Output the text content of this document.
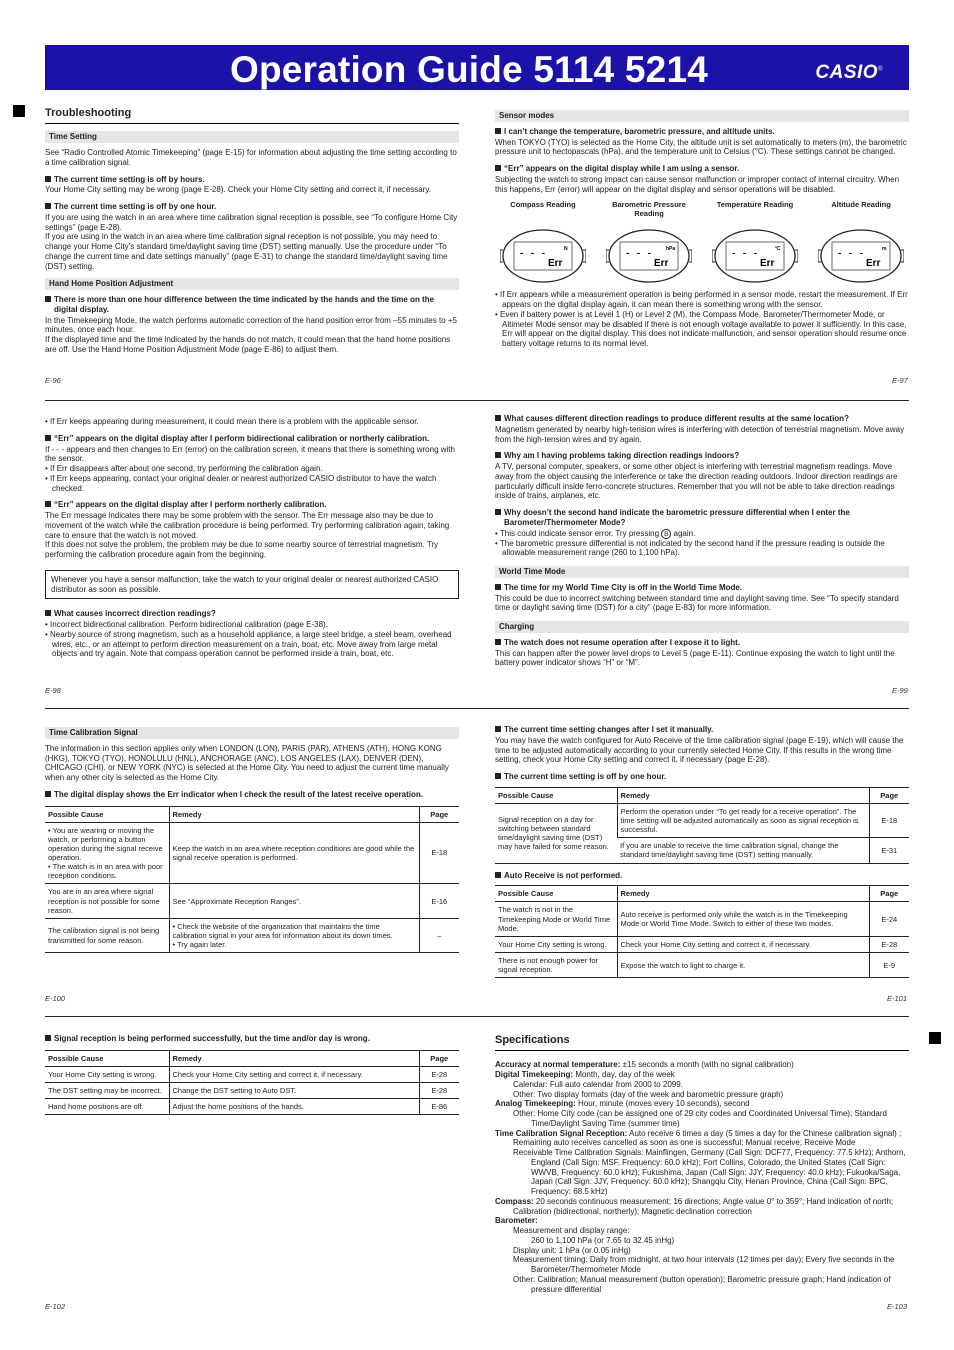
Operation Guide 5114 5214	CASIO®
Troubleshooting
Time Setting
See “Radio Controlled Atomic Timekeeping” (page E-15) for information about adjusting the time setting according to a time calibration signal.
The current time setting is off by hours.
Your Home City setting may be wrong (page E-28). Check your Home City setting and correct it, if necessary.
The current time setting is off by one hour.
If you are using the watch in an area where time calibration signal reception is possible, see “To configure Home City settings” (page E-28).
If you are using in the watch in an area where time calibration signal reception is not possible, you may need to change your Home City’s standard time/daylight saving time (DST) setting manually. Use the procedure under “To change the current time and date settings manually” (page E-31) to change the standard time/daylight saving time (DST) setting.
Hand Home Position Adjustment
There is more than one hour difference between the time indicated by the hands and the time on the digital display.
In the Timekeeping Mode, the watch performs automatic correction of the hand position error from –55 minutes to +5 minutes, once each hour.
If the displayed time and the time indicated by the hands do not match, it could mean that the hand home positions are off. Use the Hand Home Position Adjustment Mode (page E-86) to adjust them.
E-96
Sensor modes
I can’t change the temperature, barometric pressure, and altitude units.
When TOKYO (TYO) is selected as the Home City, the altitude unit is set automatically to meters (m), the barometric pressure unit to hectopascals (hPa), and the temperature unit to Celsius (°C). These settings cannot be changed.
“Err” appears on the digital display while I am using a sensor.
Subjecting the watch to strong impact can cause sensor malfunction or improper contact of internal circuitry. When this happens, Err (error) will appear on the digital display and sensor operations will be disabled.
Compass Reading
- - -
Err
N
Barometric Pressure Reading
- - -
Err
hPa
Temperature Reading
- - -
Err
°C
Altitude Reading
- - -
Err
m
• If Err appears while a measurement operation is being performed in a sensor mode, restart the measurement. If Err appears on the digital display again, it can mean there is something wrong with the sensor.
• Even if battery power is at Level 1 (H) or Level 2 (M), the Compass Mode, Barometer/Thermometer Mode, or Altimeter Mode sensor may be disabled if there is not enough voltage available to power it sufficiently. In this case, Err will appear on the digital display. This does not indicate malfunction, and sensor operation should resume once battery voltage returns to its normal level.
E-97
• If Err keeps appearing during measurement, it could mean there is a problem with the applicable sensor.
“Err” appears on the digital display after I perform bidirectional calibration or northerly calibration.
If - - - appears and then changes to Err (error) on the calibration screen, it means that there is something wrong with the sensor.
• If Err disappears after about one second, try performing the calibration again.
• If Err keeps appearing, contact your original dealer or nearest authorized CASIO distributor to have the watch checked.
“Err” appears on the digital display after I perform northerly calibration.
The Err message indicates there may be some problem with the sensor. The Err message also may be due to movement of the watch while the calibration procedure is being performed. Try performing calibration again, taking care to ensure that the watch is not moved.
If this does not solve the problem, the problem may be due to some nearby source of terrestrial magnetism. Try performing the calibration procedure again from the beginning.
Whenever you have a sensor malfunction, take the watch to your original dealer or nearest authorized CASIO distributor as soon as possible.
What causes incorrect direction readings?
• Incorrect bidirectional calibration. Perform bidirectional calibration (page E-38).
• Nearby source of strong magnetism, such as a household appliance, a large steel bridge, a steel beam, overhead wires, etc., or an attempt to perform direction measurement on a train, boat, etc. Move away from large metal objects and try again. Note that compass operation cannot be performed inside a train, boat, etc.
E-98
What causes different direction readings to produce different results at the same location?
Magnetism generated by nearby high-tension wires is interfering with detection of terrestrial magnetism. Move away from the high-tension wires and try again.
Why am I having problems taking direction readings indoors?
A TV, personal computer, speakers, or some other object is interfering with terrestrial magnetism readings. Move away from the object causing the interference or take the direction reading outdoors. Indoor direction readings are particularly difficult inside ferro-concrete structures. Remember that you will not be able to take direction readings inside of trains, airplanes, etc.
Why doesn’t the second hand indicate the barometric pressure differential when I enter the Barometer/Thermometer Mode?
• This could indicate sensor error. Try pressing B again.
• The barometric pressure differential is not indicated by the second hand if the pressure reading is outside the allowable measurement range (260 to 1,100 hPa).
World Time Mode
The time for my World Time City is off in the World Time Mode.
This could be due to incorrect switching between standard time and daylight saving time. See “To specify standard time or daylight saving time (DST) for a city” (page E-83) for more information.
Charging
The watch does not resume operation after I expose it to light.
This can happen after the power level drops to Level 5 (page E-11). Continue exposing the watch to light until the battery power indicator shows “H” or “M”.
E-99
Time Calibration Signal
The information in this section applies only when LONDON (LON), PARIS (PAR), ATHENS (ATH), HONG KONG (HKG), TOKYO (TYO), HONOLULU (HNL), ANCHORAGE (ANC), LOS ANGELES (LAX), DENVER (DEN), CHICAGO (CHI), or NEW YORK (NYC) is selected at the Home City. You need to adjust the current time manually when any other city is selected as the Home City.
The digital display shows the Err indicator when I check the result of the latest receive operation.
Possible Cause	Remedy	Page
• You are wearing or moving the watch, or performing a button operation during the signal receive operation.
• The watch is in an area with poor reception conditions.	Keep the watch in an area where reception conditions are good while the signal receive operation is performed.	E-18
You are in an area where signal reception is not possible for some reason.	See “Approximate Reception Ranges”.	E-16
The calibration signal is not being transmitted for some reason.	• Check the website of the organization that maintains the time calibration signal in your area for information about its down times.
• Try again later.	–
E-100
The current time setting changes after I set it manually.
You may have the watch configured for Auto Receive of the time calibration signal (page E-19), which will cause the time to be adjusted automatically according to your currently selected Home City. If this results in the wrong time setting, check your Home City setting and correct it, if necessary (page E-28).
The current time setting is off by one hour.
Possible Cause	Remedy	Page
Signal reception on a day for switching between standard time/daylight saving time (DST) may have failed for some reason.	Perform the operation under “To get ready for a receive operation”. The time setting will be adjusted automatically as soon as signal reception is successful.	E-18
	If you are unable to receive the time calibration signal, change the standard time/daylight saving time (DST) setting manually.	E-31
Auto Receive is not performed.
Possible Cause	Remedy	Page
The watch is not in the Timekeeping Mode or World Time Mode.	Auto receive is performed only while the watch is in the Timekeeping Mode or World Time Mode. Switch to either of these two modes.	E-24
Your Home City setting is wrong.	Check your Home City setting and correct it, if necessary.	E-28
There is not enough power for signal reception.	Expose the watch to light to charge it.	E-9
E-101
Signal reception is being performed successfully, but the time and/or day is wrong.
Possible Cause	Remedy	Page
Your Home City setting is wrong.	Check your Home City setting and correct it, if necessary.	E-28
The DST setting may be incorrect.	Change the DST setting to Auto DST.	E-28
Hand home positions are off.	Adjust the home positions of the hands.	E-86
E-102
Specifications
Accuracy at normal temperature: ±15 seconds a month (with no signal calibration)
Digital Timekeeping: Month, day, day of the week
Calendar: Full auto calendar from 2000 to 2099.
Other: Two display formats (day of the week and barometric pressure graph)
Analog Timekeeping: Hour, minute (moves every 10 seconds), second
Other: Home City code (can be assigned one of 29 city codes and Coordinated Universal Time); Standard Time/Daylight Saving Time (summer time)
Time Calibration Signal Reception: Auto receive 6 times a day (5 times a day for the Chinese calibration signal) ; Remaining auto receives cancelled as soon as one is successful; Manual receive; Receive Mode
Receivable Time Calibration Signals: Mainflingen, Germany (Call Sign: DCF77, Frequency: 77.5 kHz); Anthorn, England (Call Sign: MSF, Frequency: 60.0 kHz); Fort Collins, Colorado, the United States (Call Sign: WWVB, Frequency: 60.0 kHz); Fukushima, Japan (Call Sign: JJY, Frequency: 40.0 kHz); Fukuoka/Saga, Japan (Call Sign: JJY, Frequency: 60.0 kHz); Shangqiu City, Henan Province, China (Call Sign: BPC, Frequency: 68.5 kHz)
Compass: 20 seconds continuous measurement; 16 directions; Angle value 0° to 359°; Hand indication of north; Calibration (bidirectional, northerly); Magnetic declination correction
Barometer:
Measurement and display range:
260 to 1,100 hPa (or 7.65 to 32.45 inHg)
Display unit: 1 hPa (or 0.05 inHg)
Measurement timing: Daily from midnight, at two hour intervals (12 times per day); Every five seconds in the Barometer/Thermometer Mode
Other: Calibration; Manual measurement (button operation); Barometric pressure graph; Hand indication of pressure differential
E-103
